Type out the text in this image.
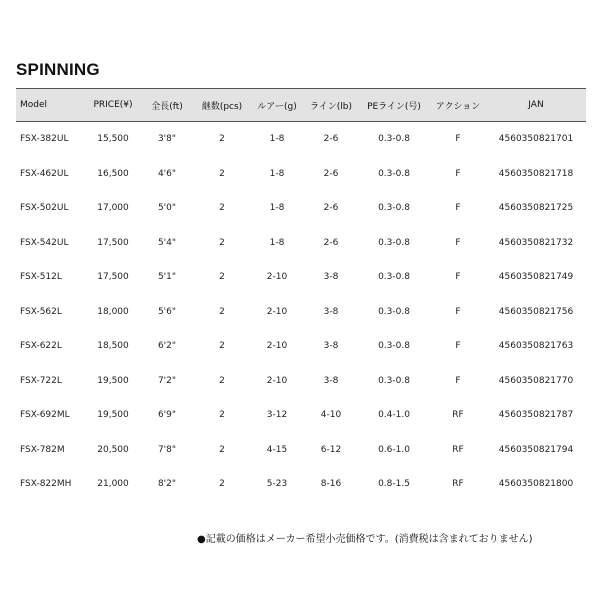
SPINNING
Model	PRICE(¥)	全長(ft)	継数(pcs)	ルアー(g)	ライン(lb)	PEライン(号)	アクション	JAN
FSX-382UL	15,500	3'8"	2	1-8	2-6	0.3-0.8	F	4560350821701
FSX-462UL	16,500	4'6"	2	1-8	2-6	0.3-0.8	F	4560350821718
FSX-502UL	17,000	5'0"	2	1-8	2-6	0.3-0.8	F	4560350821725
FSX-542UL	17,500	5'4"	2	1-8	2-6	0.3-0.8	F	4560350821732
FSX-512L	17,500	5'1"	2	2-10	3-8	0.3-0.8	F	4560350821749
FSX-562L	18,000	5'6"	2	2-10	3-8	0.3-0.8	F	4560350821756
FSX-622L	18,500	6'2"	2	2-10	3-8	0.3-0.8	F	4560350821763
FSX-722L	19,500	7'2"	2	2-10	3-8	0.3-0.8	F	4560350821770
FSX-692ML	19,500	6'9"	2	3-12	4-10	0.4-1.0	RF	4560350821787
FSX-782M	20,500	7'8"	2	4-15	6-12	0.6-1.0	RF	4560350821794
FSX-822MH	21,000	8'2"	2	5-23	8-16	0.8-1.5	RF	4560350821800
●記載の価格はメーカー希望小売価格です。(消費税は含まれておりません)
